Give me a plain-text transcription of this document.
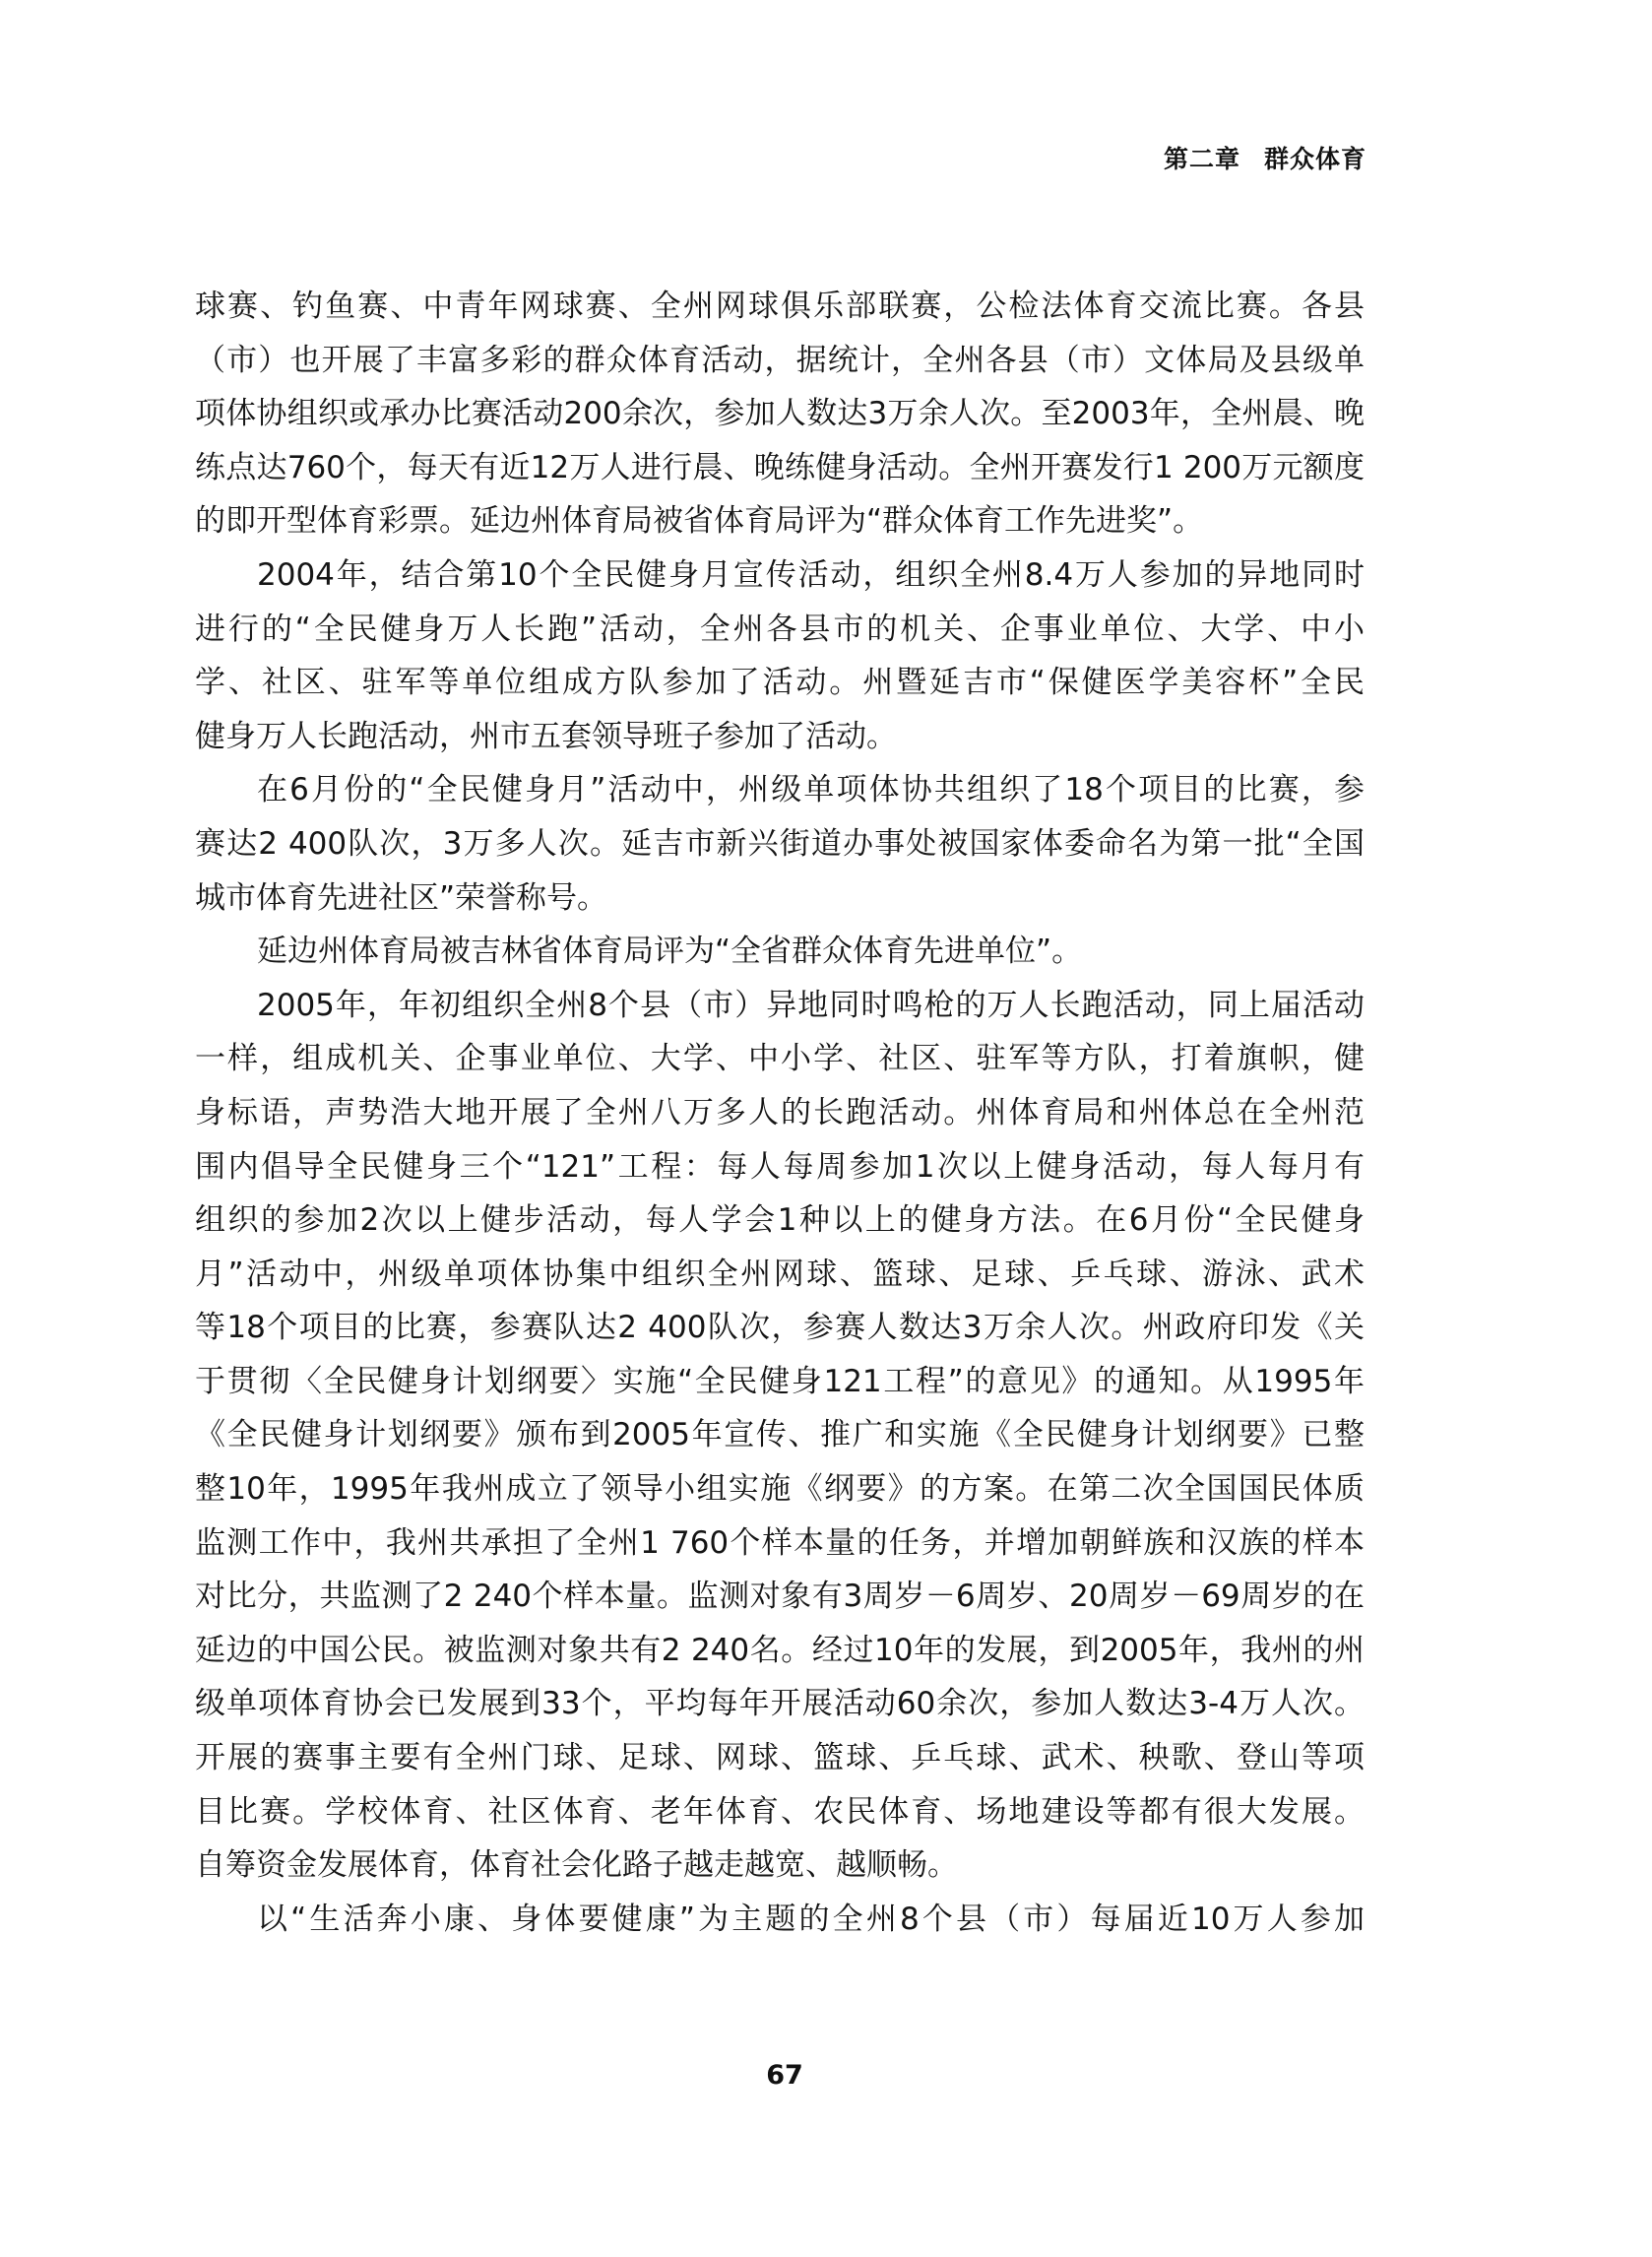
第二章 群众体育
球赛、钓鱼赛、中青年网球赛、全州网球俱乐部联赛，公检法体育交流比赛。各县
（市）也开展了丰富多彩的群众体育活动，据统计，全州各县（市）文体局及县级单
项体协组织或承办比赛活动200余次，参加人数达3万余人次。至2003年，全州晨、晚
练点达760个，每天有近12万人进行晨、晚练健身活动。全州开赛发行1 200万元额度
的即开型体育彩票。延边州体育局被省体育局评为“群众体育工作先进奖”。
2004年，结合第10个全民健身月宣传活动，组织全州8.4万人参加的异地同时
进行的“全民健身万人长跑”活动，全州各县市的机关、企事业单位、大学、中小
学、社区、驻军等单位组成方队参加了活动。州暨延吉市“保健医学美容杯”全民
健身万人长跑活动，州市五套领导班子参加了活动。
在6月份的“全民健身月”活动中，州级单项体协共组织了18个项目的比赛，参
赛达2 400队次，3万多人次。延吉市新兴街道办事处被国家体委命名为第一批“全国
城市体育先进社区”荣誉称号。
延边州体育局被吉林省体育局评为“全省群众体育先进单位”。
2005年，年初组织全州8个县（市）异地同时鸣枪的万人长跑活动，同上届活动
一样，组成机关、企事业单位、大学、中小学、社区、驻军等方队，打着旗帜，健
身标语，声势浩大地开展了全州八万多人的长跑活动。州体育局和州体总在全州范
围内倡导全民健身三个“121”工程：每人每周参加1次以上健身活动，每人每月有
组织的参加2次以上健步活动，每人学会1种以上的健身方法。在6月份“全民健身
月”活动中，州级单项体协集中组织全州网球、篮球、足球、乒乓球、游泳、武术
等18个项目的比赛，参赛队达2 400队次，参赛人数达3万余人次。州政府印发《关
于贯彻〈全民健身计划纲要〉实施“全民健身121工程”的意见》的通知。从1995年
《全民健身计划纲要》颁布到2005年宣传、推广和实施《全民健身计划纲要》已整
整10年，1995年我州成立了领导小组实施《纲要》的方案。在第二次全国国民体质
监测工作中，我州共承担了全州1 760个样本量的任务，并增加朝鲜族和汉族的样本
对比分，共监测了2 240个样本量。监测对象有3周岁－6周岁、20周岁－69周岁的在
延边的中国公民。被监测对象共有2 240名。经过10年的发展，到2005年，我州的州
级单项体育协会已发展到33个，平均每年开展活动60余次，参加人数达3-4万人次。
开展的赛事主要有全州门球、足球、网球、篮球、乒乓球、武术、秧歌、登山等项
目比赛。学校体育、社区体育、老年体育、农民体育、场地建设等都有很大发展。
自筹资金发展体育，体育社会化路子越走越宽、越顺畅。
以“生活奔小康、身体要健康”为主题的全州8个县（市）每届近10万人参加
67
